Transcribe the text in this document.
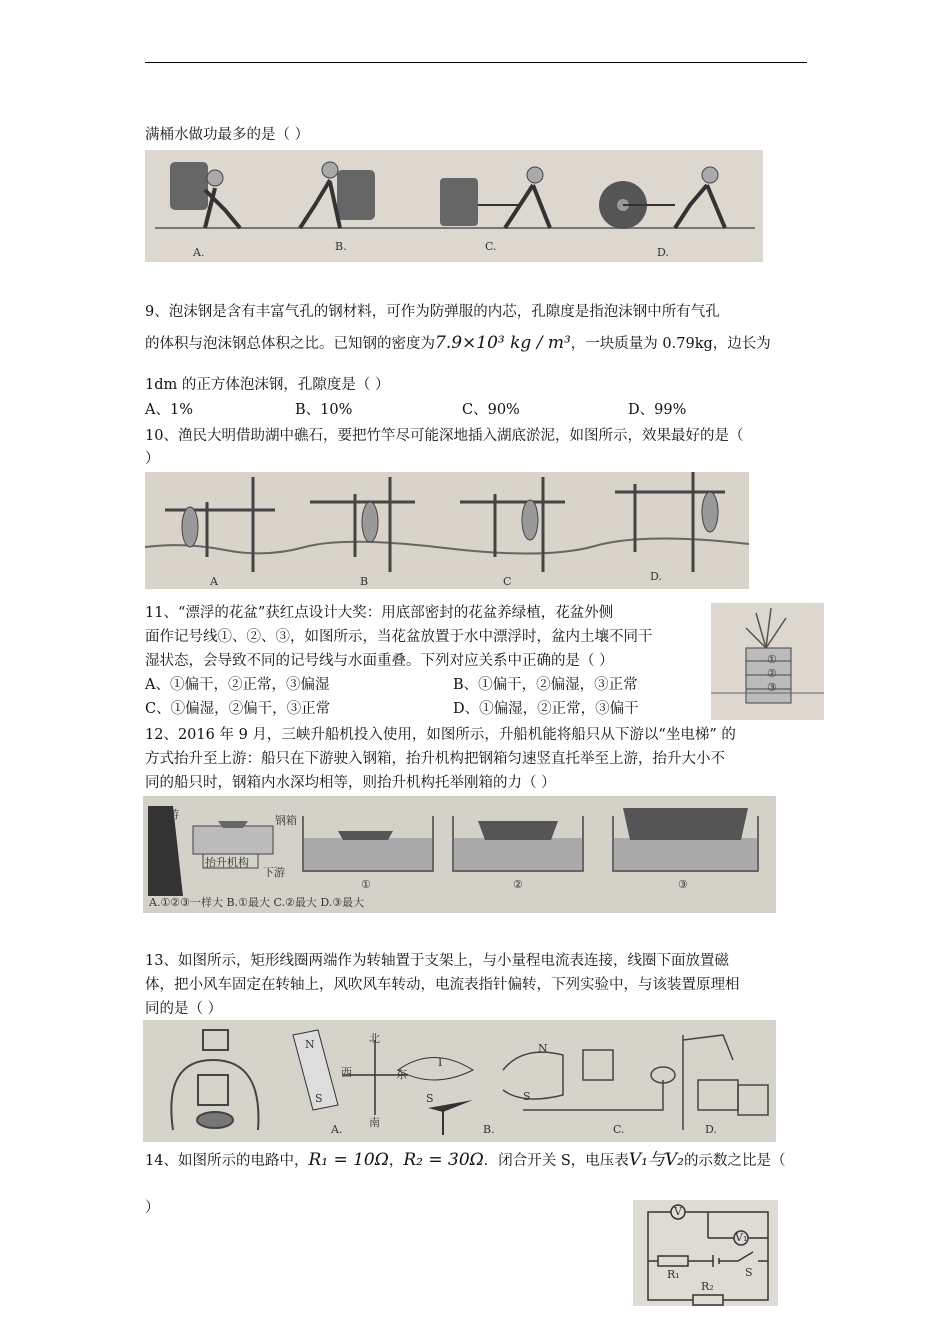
满桶水做功最多的是（ ）
A.	B.	C.	D.
9、泡沫钢是含有丰富气孔的钢材料，可作为防弹服的内芯，孔隙度是指泡沫钢中所有气孔
的体积与泡沫钢总体积之比。已知钢的密度为7.9×10³ kg / m³，一块质量为 0.79kg，边长为
1dm 的正方体泡沫钢，孔隙度是（ ）
A、1%	B、10%	C、90%	D、99%
10、渔民大明借助湖中礁石，要把竹竿尽可能深地插入湖底淤泥，如图所示，效果最好的是（
）
A	B	C	D.
11、“漂浮的花盆”获红点设计大奖：用底部密封的花盆养绿植，花盆外侧
面作记号线①、②、③，如图所示，当花盆放置于水中漂浮时，盆内土壤不同干
湿状态，会导致不同的记号线与水面重叠。下列对应关系中正确的是（ ）
A、①偏干，②正常，③偏湿	B、①偏干，②偏湿，③正常
C、①偏湿，②偏干，③正常	D、①偏湿，②正常，③偏干
①
②
③
12、2016 年 9 月，三峡升船机投入使用，如图所示，升船机能将船只从下游以“坐电梯” 的
方式抬升至上游：船只在下游驶入钢箱，抬升机构把钢箱匀速竖直托举至上游，抬升大小不
同的船只时，钢箱内水深均相等，则抬升机构托举刚箱的力（ ）
上游	钢箱
抬升机构
下游
①	②	③
A.①②③一样大 B.①最大 C.②最大 D.③最大
13、如图所示，矩形线圈两端作为转轴置于支架上，与小量程电流表连接，线圈下面放置磁
体，把小风车固定在转轴上，风吹风车转动，电流表指针偏转，下列实验中，与该装置原理相
同的是（ ）
N
S
北
西	东
南
I
S
N
S
A.	B.	C.	D.
14、如图所示的电路中，R₁ = 10Ω，R₂ = 30Ω．闭合开关 S，电压表V₁与V₂的示数之比是（
）	V
V₁
R₁	S
R₂
